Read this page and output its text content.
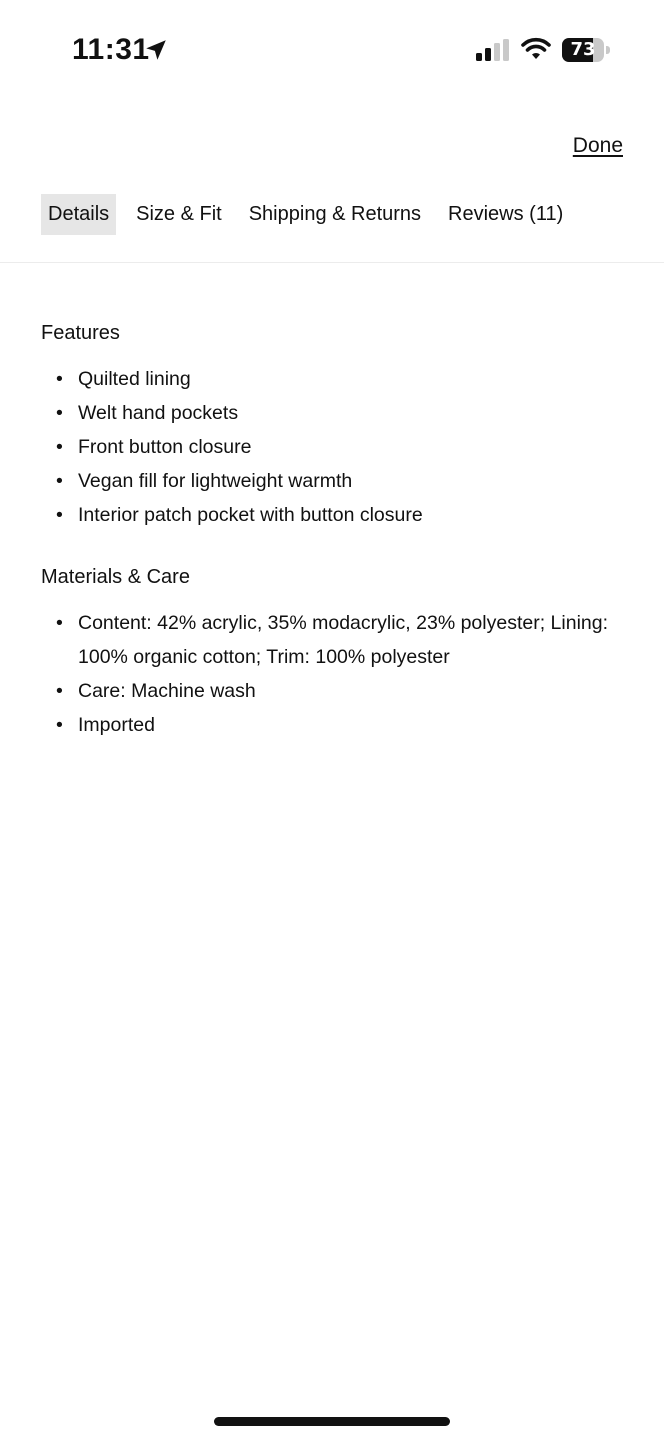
11:31	73
Done
Details	Size & Fit	Shipping & Returns	Reviews (11)
Features
• Quilted lining
• Welt hand pockets
• Front button closure
• Vegan fill for lightweight warmth
• Interior patch pocket with button closure
Materials & Care
• Content: 42% acrylic, 35% modacrylic, 23% polyester; Lining: 100% organic cotton; Trim: 100% polyester
• Care: Machine wash
• Imported
